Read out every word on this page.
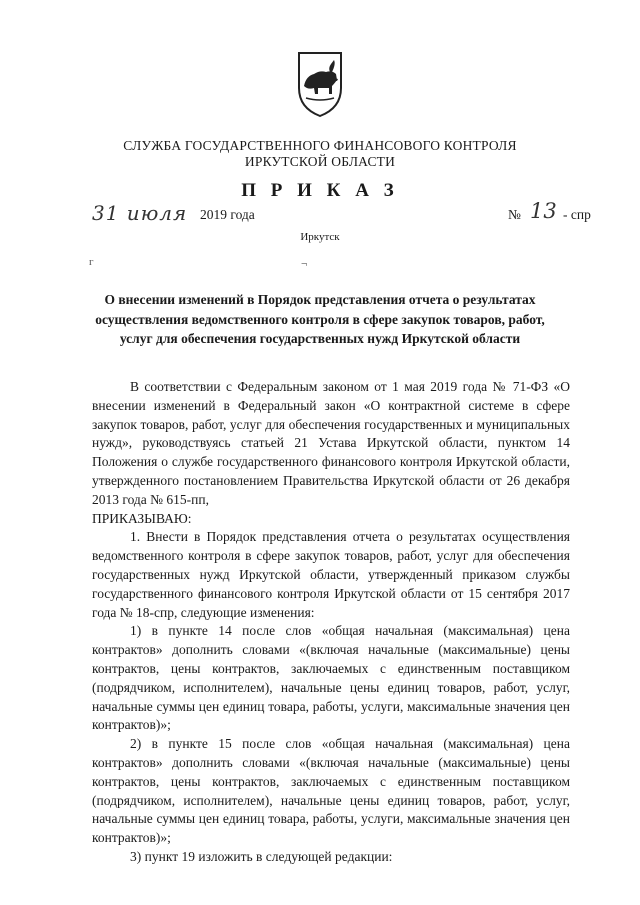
СЛУЖБА ГОСУДАРСТВЕННОГО ФИНАНСОВОГО КОНТРОЛЯ
ИРКУТСКОЙ ОБЛАСТИ
П Р И К А З
31 июля 2019 года	№ 13 - спр
Иркутск
г	¬
О внесении изменений в Порядок представления отчета о результатах осуществления ведомственного контроля в сфере закупок товаров, работ, услуг для обеспечения государственных нужд Иркутской области

В соответствии с Федеральным законом от 1 мая 2019 года № 71-ФЗ «О внесении изменений в Федеральный закон «О контрактной системе в сфере закупок товаров, работ, услуг для обеспечения государственных и муниципальных нужд», руководствуясь статьей 21 Устава Иркутской области, пунктом 14 Положения о службе государственного финансового контроля Иркутской области, утвержденного постановлением Правительства Иркутской области от 26 декабря 2013 года № 615-пп,

ПРИКАЗЫВАЮ:

1. Внести в Порядок представления отчета о результатах осуществления ведомственного контроля в сфере закупок товаров, работ, услуг для обеспечения государственных нужд Иркутской области, утвержденный приказом службы государственного финансового контроля Иркутской области от 15 сентября 2017 года № 18-спр, следующие изменения:

1) в пункте 14 после слов «общая начальная (максимальная) цена контрактов» дополнить словами «(включая начальные (максимальные) цены контрактов, цены контрактов, заключаемых с единственным поставщиком (подрядчиком, исполнителем), начальные цены единиц товаров, работ, услуг, начальные суммы цен единиц товара, работы, услуги, максимальные значения цен контрактов)»;

2) в пункте 15 после слов «общая начальная (максимальная) цена контрактов» дополнить словами «(включая начальные (максимальные) цены контрактов, цены контрактов, заключаемых с единственным поставщиком (подрядчиком, исполнителем), начальные цены единиц товаров, работ, услуг, начальные суммы цен единиц товара, работы, услуги, максимальные значения цен контрактов)»;

3) пункт 19 изложить в следующей редакции:
